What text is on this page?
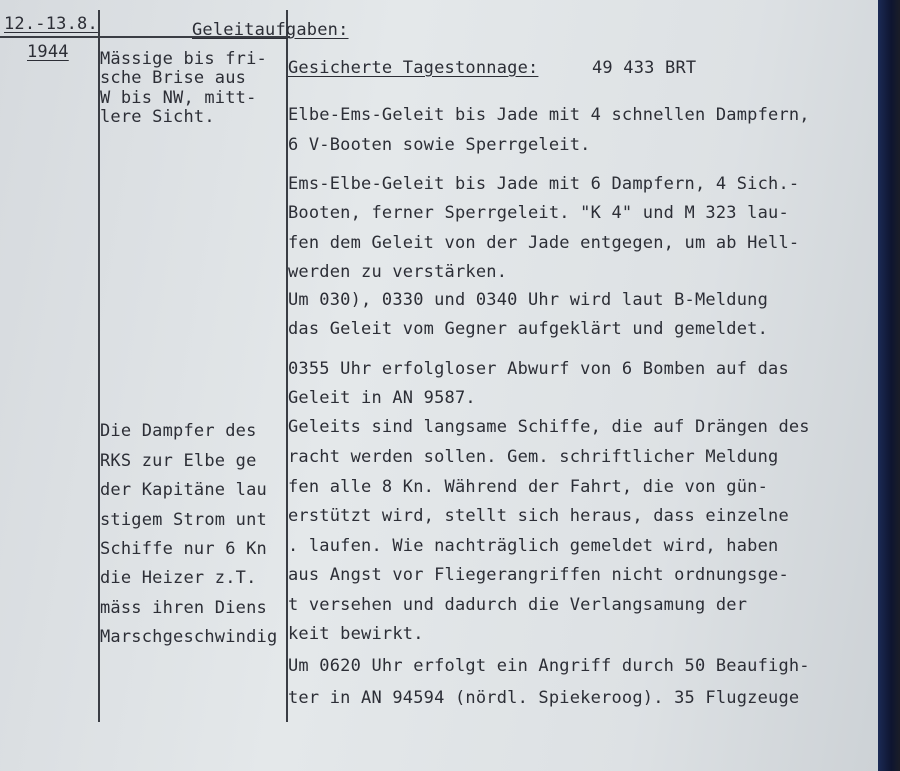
12.-13.8.
1944
Geleitaufgaben:
Mässige bis fri-
sche Brise aus
W bis NW, mitt-
lere Sicht.
Die Dampfer des
RKS zur Elbe ge
der Kapitäne lau
stigem Strom unt
Schiffe nur 6 Kn
die Heizer z.T.
mäss ihren Diens
Marschgeschwindig
Gesicherte Tagestonnage:	49 433 BRT
Elbe-Ems-Geleit bis Jade mit 4 schnellen Dampfern,
6 V-Booten sowie Sperrgeleit.
Ems-Elbe-Geleit bis Jade mit 6 Dampfern, 4 Sich.-
Booten, ferner Sperrgeleit. "K 4" und M 323 lau-
fen dem Geleit von der Jade entgegen, um ab Hell-
werden zu verstärken.
Um 030), 0330 und 0340 Uhr wird laut B-Meldung
das Geleit vom Gegner aufgeklärt und gemeldet.
0355 Uhr erfolgloser Abwurf von 6 Bomben auf das
Geleit in AN 9587.
Geleits sind langsame Schiffe, die auf Drängen des
racht werden sollen. Gem. schriftlicher Meldung
fen alle 8 Kn. Während der Fahrt, die von gün-
erstützt wird, stellt sich heraus, dass einzelne
. laufen. Wie nachträglich gemeldet wird, haben
aus Angst vor Fliegerangriffen nicht ordnungsge-
t versehen und dadurch die Verlangsamung der
keit bewirkt.
Um 0620 Uhr erfolgt ein Angriff durch 50 Beaufigh-
ter in AN 94594 (nördl. Spiekeroog). 35 Flugzeuge
